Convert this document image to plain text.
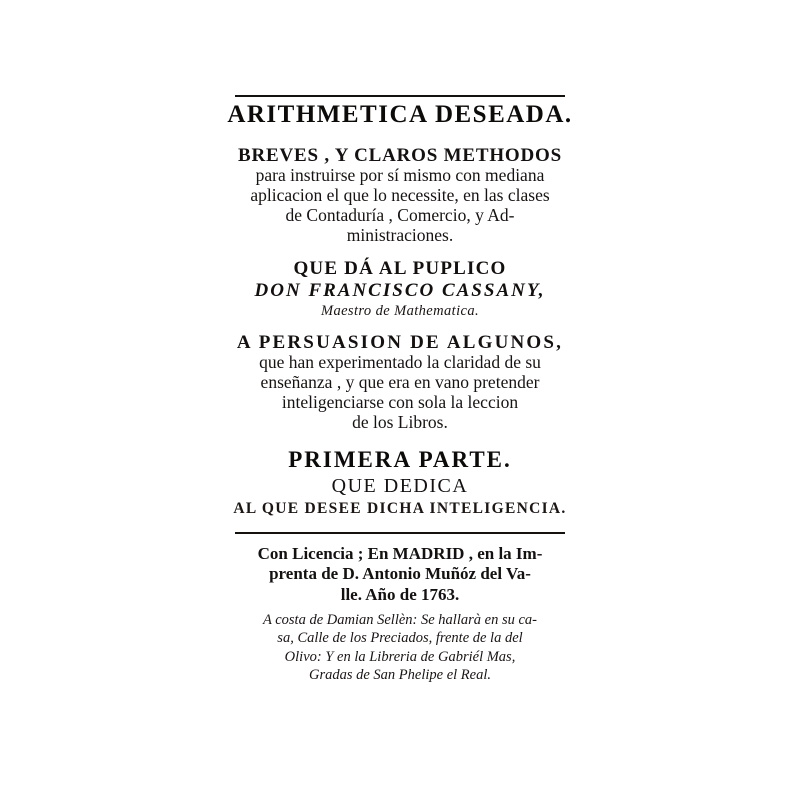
ARITHMETICA DESEADA.
BREVES , Y CLAROS METHODOS
para instruirse por sí mismo con mediana
aplicacion el que lo necessite, en las clases
de Contaduría , Comercio, y Ad-
ministraciones.
QUE DÁ AL PUPLICO
DON FRANCISCO CASSANY,
Maestro de Mathematica.
A PERSUASION DE ALGUNOS,
que han experimentado la claridad de su
enseñanza , y que era en vano pretender
inteligenciarse con sola la leccion
de los Libros.
PRIMERA PARTE.
QUE DEDICA
AL QUE DESEE DICHA INTELIGENCIA.
Con Licencia ; En MADRID , en la Im-
prenta de D. Antonio Muñóz del Va-
lle. Año de 1763.
A costa de Damian Sellèn: Se hallarà en su ca-
sa, Calle de los Preciados, frente de la del
Olivo: Y en la Libreria de Gabriél Mas,
Gradas de San Phelipe el Real.
